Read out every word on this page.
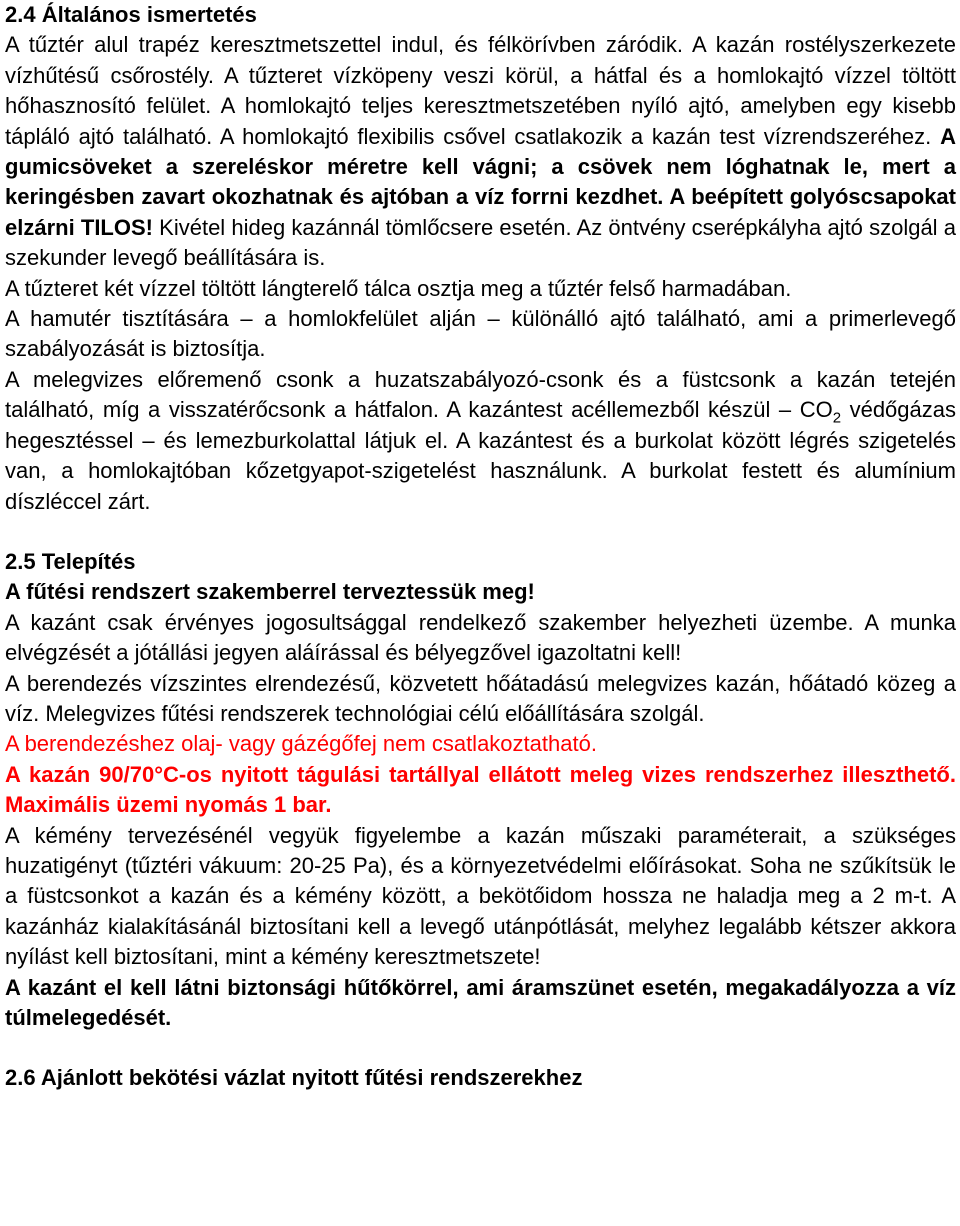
2.4 Általános ismertetés
A tűztér alul trapéz keresztmetszettel indul, és félkörívben záródik. A kazán rostélyszerkezete vízhűtésű csőrostély. A tűzteret vízköpeny veszi körül, a hátfal és a homlokajtó vízzel töltött hőhasznosító felület. A homlokajtó teljes keresztmetszetében nyíló ajtó, amelyben egy kisebb tápláló ajtó található. A homlokajtó flexibilis csővel csatlakozik a kazán test vízrendszeréhez. A gumicsöveket a szereléskor méretre kell vágni; a csövek nem lóghatnak le, mert a keringésben zavart okozhatnak és ajtóban a víz forrni kezdhet. A beépített golyóscsapokat elzárni TILOS! Kivétel hideg kazánnál tömlőcsere esetén. Az öntvény cserépkályha ajtó szolgál a szekunder levegő beállítására is.
A tűzteret két vízzel töltött lángterelő tálca osztja meg a tűztér felső harmadában.
A hamutér tisztítására – a homlokfelület alján – különálló ajtó található, ami a primerlevegő szabályozását is biztosítja.
A melegvizes előremenő csonk a huzatszabályozó-csonk és a füstcsonk a kazán tetején található, míg a visszatérőcsonk a hátfalon. A kazántest acéllemezből készül – $CO_2$ védőgázas hegesztéssel – és lemezburkolattal látjuk el. A kazántest és a burkolat között légrés szigetelés van, a homlokajtóban kőzetgyapot-szigetelést használunk. A burkolat festett és alumínium díszléccel zárt.
2.5 Telepítés
A fűtési rendszert szakemberrel terveztessük meg!
A kazánt csak érvényes jogosultsággal rendelkező szakember helyezheti üzembe. A munka elvégzését a jótállási jegyen aláírással és bélyegzővel igazoltatni kell!
A berendezés vízszintes elrendezésű, közvetett hőátadású melegvizes kazán, hőátadó közeg a víz. Melegvizes fűtési rendszerek technológiai célú előállítására szolgál.
A berendezéshez olaj- vagy gázégőfej nem csatlakoztatható.
A kazán 90/70°C-os nyitott tágulási tartállyal ellátott meleg vizes rendszerhez illeszthető. Maximális üzemi nyomás 1 bar.
A kémény tervezésénél vegyük figyelembe a kazán műszaki paraméterait, a szükséges huzatigényt (tűztéri vákuum: 20-25 Pa), és a környezetvédelmi előírásokat. Soha ne szűkítsük le a füstcsonkot a kazán és a kémény között, a bekötőidom hossza ne haladja meg a 2 m-t. A kazánház kialakításánál biztosítani kell a levegő utánpótlását, melyhez legalább kétszer akkora nyílást kell biztosítani, mint a kémény keresztmetszete!
A kazánt el kell látni biztonsági hűtőkörrel, ami áramszünet esetén, megakadályozza a víz túlmelegedését.
2.6 Ajánlott bekötési vázlat nyitott fűtési rendszerekhez
